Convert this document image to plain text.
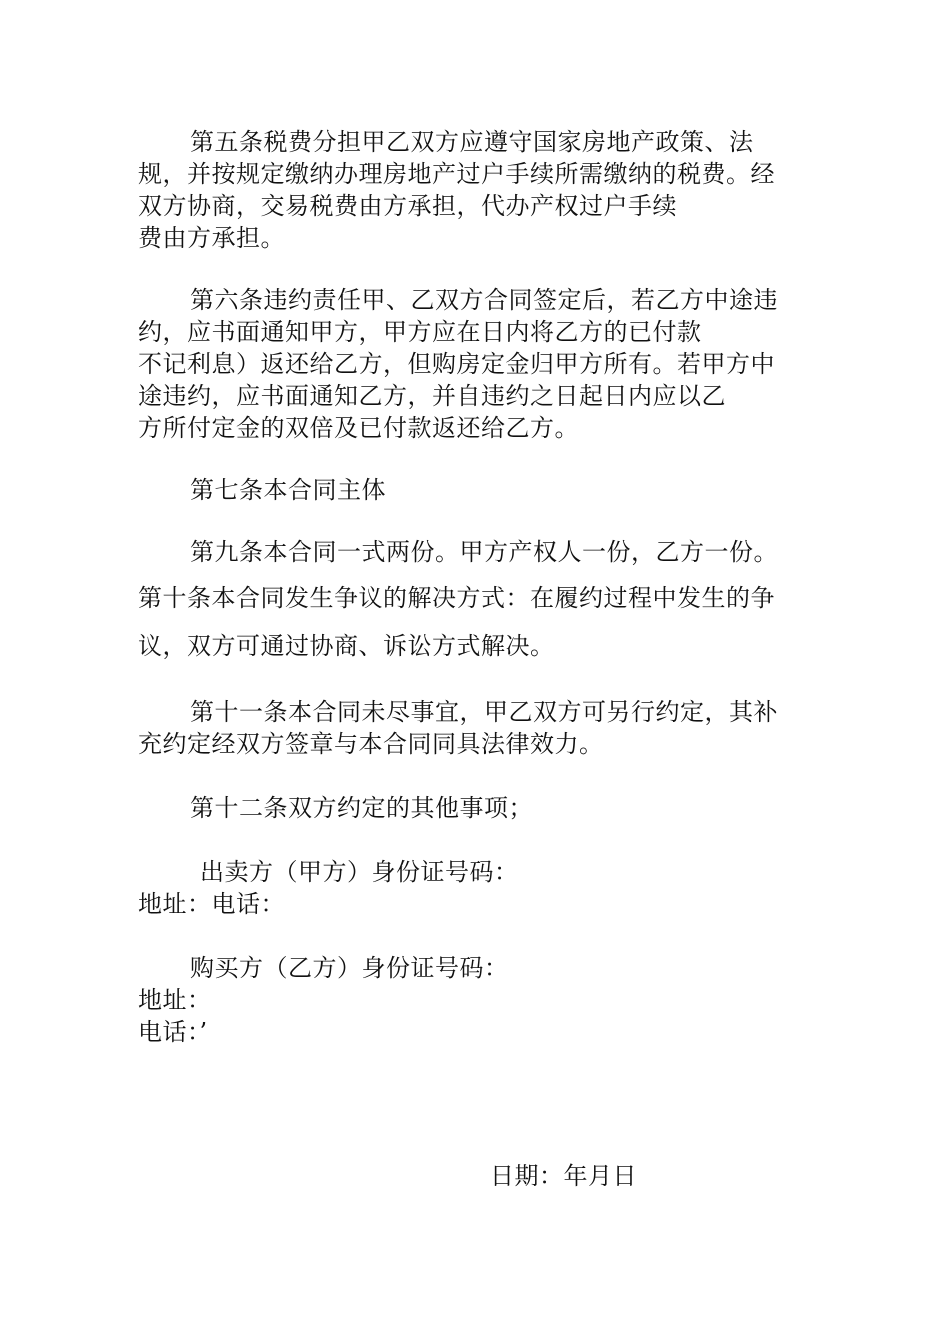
第五条税费分担甲乙双方应遵守国家房地产政策、法
规，并按规定缴纳办理房地产过户手续所需缴纳的税费。经
双方协商，交易税费由方承担，代办产权过户手续
费由方承担。
第六条违约责任甲、乙双方合同签定后，若乙方中途违
约，应书面通知甲方，甲方应在日内将乙方的已付款
不记利息）返还给乙方，但购房定金归甲方所有。若甲方中
途违约，应书面通知乙方，并自违约之日起日内应以乙
方所付定金的双倍及已付款返还给乙方。
第七条本合同主体
第九条本合同一式两份。甲方产权人一份，乙方一份。
第十条本合同发生争议的解决方式：在履约过程中发生的争
议，双方可通过协商、诉讼方式解决。
第十一条本合同未尽事宜，甲乙双方可另行约定，其补
充约定经双方签章与本合同同具法律效力。
第十二条双方约定的其他事项；
出卖方（甲方）身份证号码：
地址：电话：
购买方（乙方）身份证号码：
地址：
电话：’
日期：年月日
